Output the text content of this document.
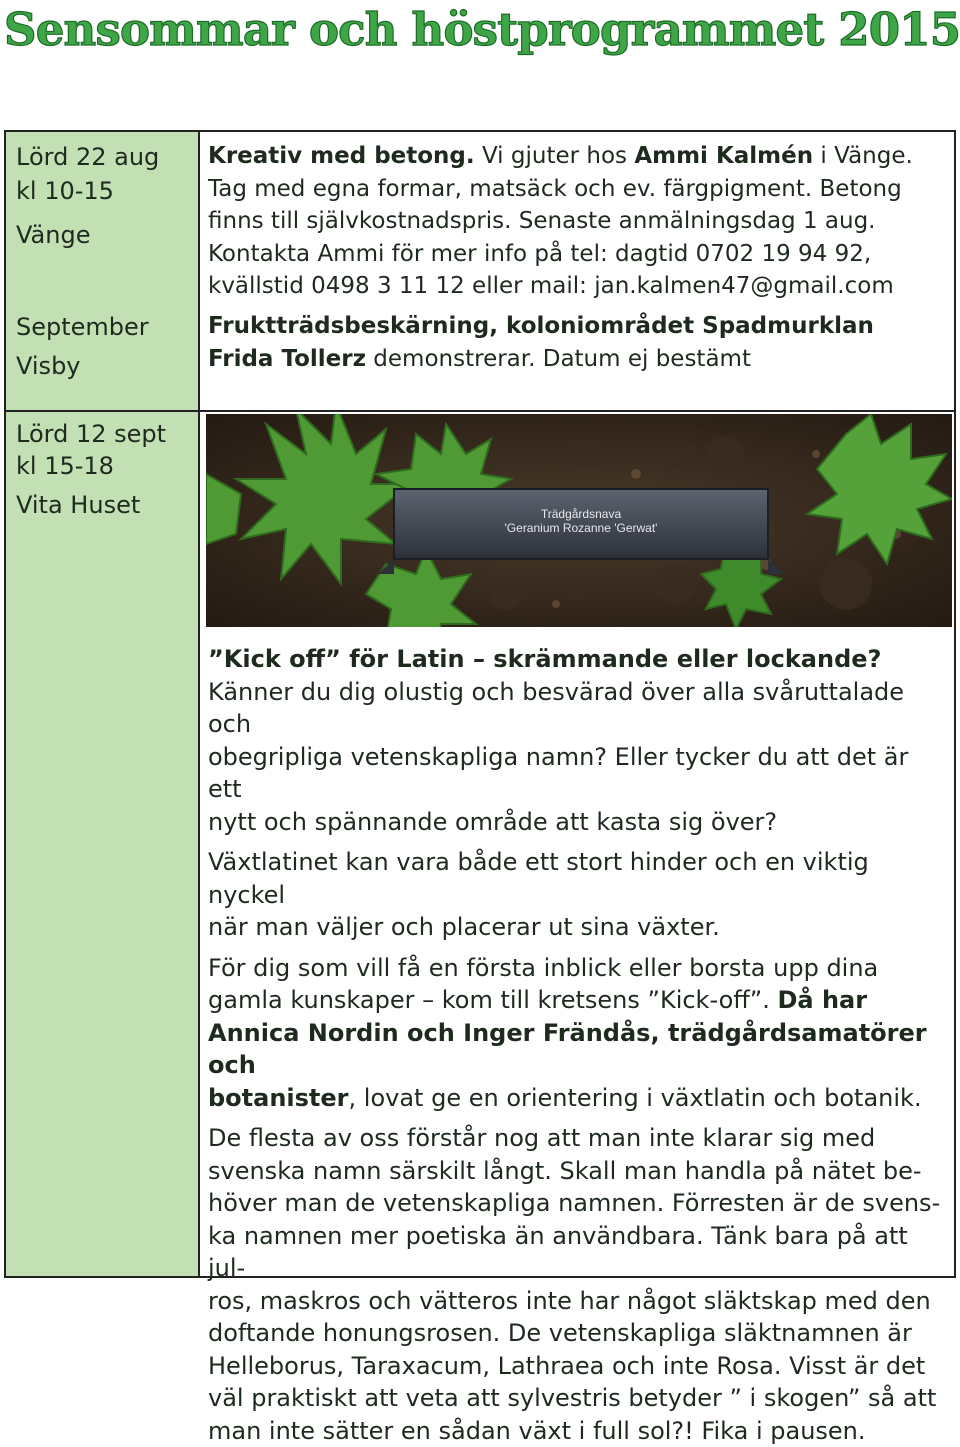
Sensommar och höstprogrammet 2015
Lörd 22 aug
kl 10-15
Vänge
September
Visby
Lörd 12 sept
kl 15-18
Vita Huset

Kreativ med betong. Vi gjuter hos Ammi Kalmén i Vänge.

Tag med egna formar, matsäck och ev. färgpigment. Betong

finns till självkostnadspris. Senaste anmälningsdag 1 aug.

Kontakta Ammi för mer info på tel: dagtid 0702 19 94 92,

kvällstid 0498 3 11 12 eller mail: jan.kalmen47@gmail.com

Fruktträdsbeskärning, koloniområdet Spadmurklan

Frida Tollerz demonstrerar. Datum ej bestämt

Trädgårdsnava
'Geranium Rozanne 'Gerwat'

”Kick off” för Latin – skrämmande eller lockande?

Känner du dig olustig och besvärad över alla svåruttalade och

obegripliga vetenskapliga namn? Eller tycker du att det är ett

nytt och spännande område att kasta sig över?

Växtlatinet kan vara både ett stort hinder och en viktig nyckel

när man väljer och placerar ut sina växter.

För dig som vill få en första inblick eller borsta upp dina

gamla kunskaper – kom till kretsens ”Kick-off”. Då har

Annica Nordin och Inger Frändås, trädgårdsamatörer och

botanister, lovat ge en orientering i växtlatin och botanik.

De flesta av oss förstår nog att man inte klarar sig med

svenska namn särskilt långt. Skall man handla på nätet be-

höver man de vetenskapliga namnen. Förresten är de svens-

ka namnen mer poetiska än användbara. Tänk bara på att jul-

ros, maskros och vätteros inte har något släktskap med den

doftande honungsrosen. De vetenskapliga släktnamnen är

Helleborus, Taraxacum, Lathraea och inte Rosa. Visst är det

väl praktiskt att veta att sylvestris betyder ” i skogen” så att

man inte sätter en sådan växt i full sol?! Fika i pausen.
